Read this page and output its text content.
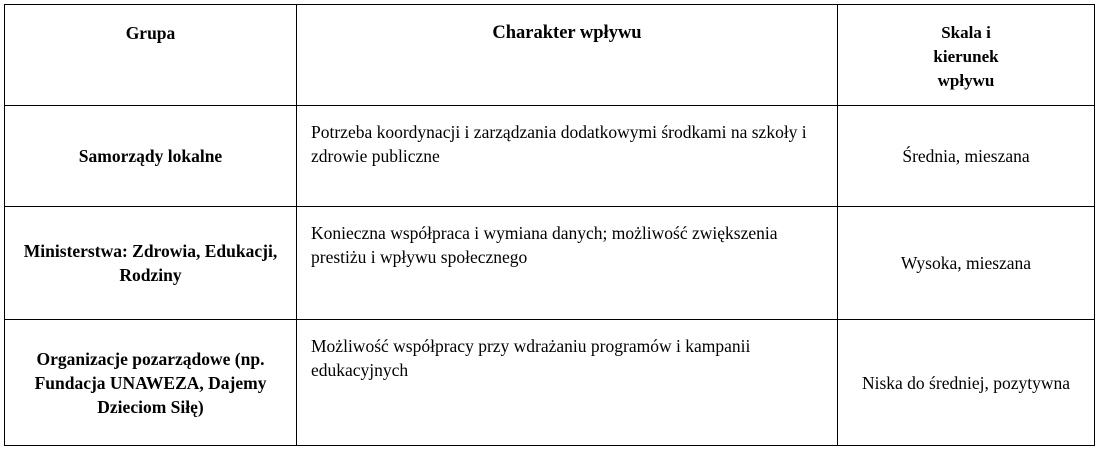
Grupa	Charakter wpływu	Skala i kierunek wpływu
Samorządy lokalne	Potrzeba koordynacji i zarządzania dodatkowymi środkami na szkoły i zdrowie publiczne	Średnia, mieszana
Ministerstwa: Zdrowia, Edukacji, Rodziny	Konieczna współpraca i wymiana danych; możliwość zwiększenia prestiżu i wpływu społecznego	Wysoka, mieszana
Organizacje pozarządowe (np. Fundacja UNAWEZA, Dajemy Dzieciom Siłę)	Możliwość współpracy przy wdrażaniu programów i kampanii edukacyjnych	Niska do średniej, pozytywna
